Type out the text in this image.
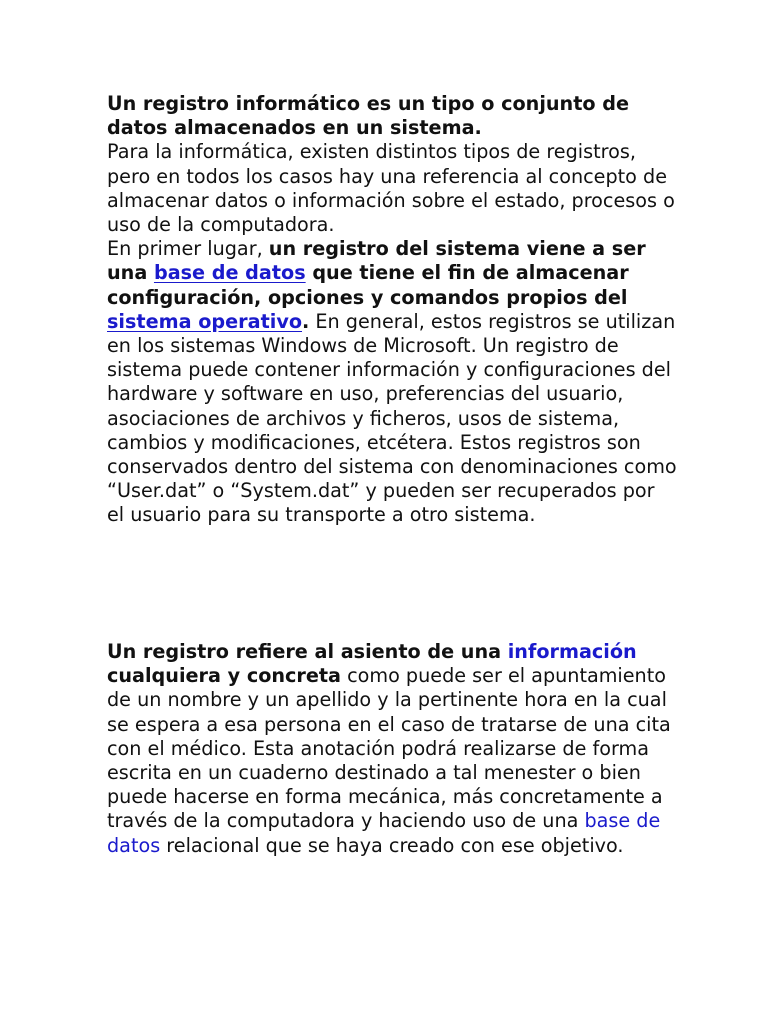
Un registro informático es un tipo o conjunto de datos almacenados en un sistema.

Para la informática, existen distintos tipos de registros, pero en todos los casos hay una referencia al concepto de almacenar datos o información sobre el estado, procesos o uso de la computadora.

En primer lugar, un registro del sistema viene a ser una base de datos que tiene el fin de almacenar configuración, opciones y comandos propios del sistema operativo. En general, estos registros se utilizan en los sistemas Windows de Microsoft. Un registro de sistema puede contener información y configuraciones del hardware y software en uso, preferencias del usuario, asociaciones de archivos y ficheros, usos de sistema, cambios y modificaciones, etcétera. Estos registros son conservados dentro del sistema con denominaciones como “User.dat” o “System.dat” y pueden ser recuperados por el usuario para su transporte a otro sistema.

Un registro refiere al asiento de una información cualquiera y concreta como puede ser el apuntamiento de un nombre y un apellido y la pertinente hora en la cual se espera a esa persona en el caso de tratarse de una cita con el médico. Esta anotación podrá realizarse de forma escrita en un cuaderno destinado a tal menester o bien puede hacerse en forma mecánica, más concretamente a través de la computadora y haciendo uso de una base de datos relacional que se haya creado con ese objetivo.
